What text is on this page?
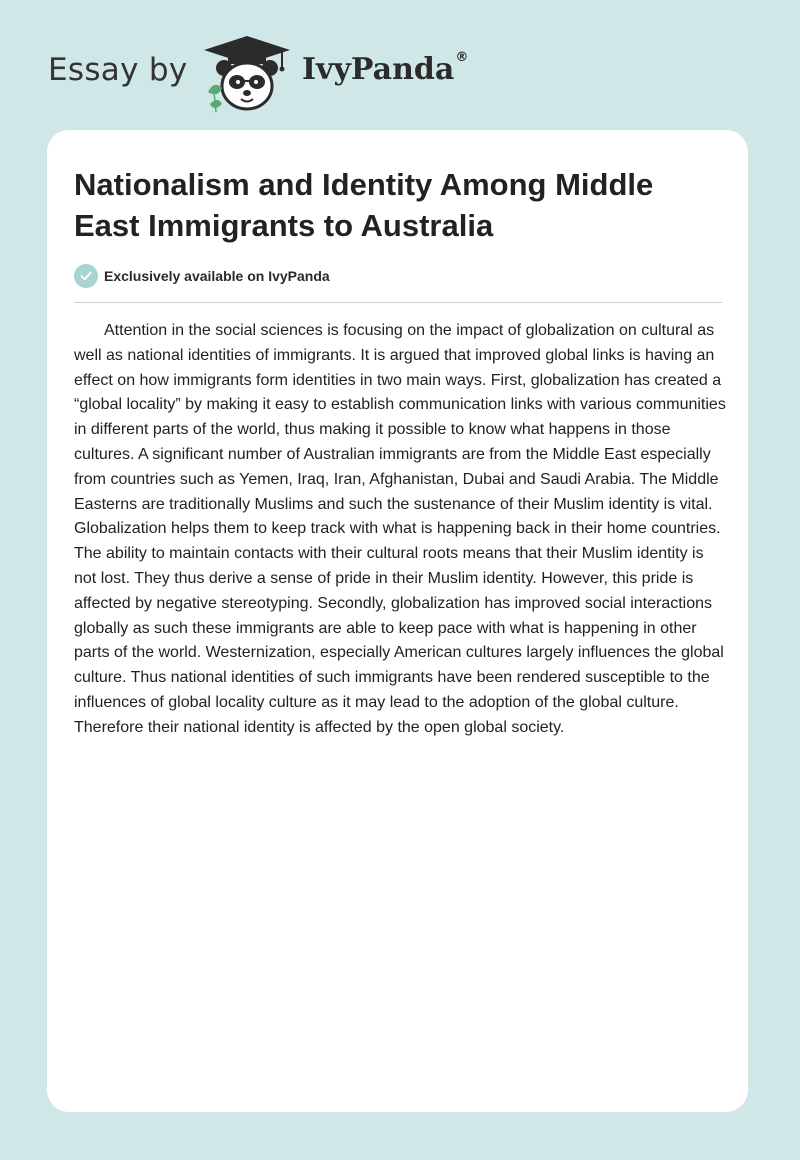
Essay by	IvyPanda®
Nationalism and Identity Among Middle East Immigrants to Australia
Exclusively available on IvyPanda

Attention in the social sciences is focusing on the impact of globalization on cultural as well as national identities of immigrants. It is argued that improved global links is having an effect on how immigrants form identities in two main ways. First, globalization has created a “global locality” by making it easy to establish communication links with various communities in different parts of the world, thus making it possible to know what happens in those cultures. A significant number of Australian immigrants are from the Middle East especially from countries such as Yemen, Iraq, Iran, Afghanistan, Dubai and Saudi Arabia. The Middle Easterns are traditionally Muslims and such the sustenance of their Muslim identity is vital. Globalization helps them to keep track with what is happening back in their home countries. The ability to maintain contacts with their cultural roots means that their Muslim identity is not lost. They thus derive a sense of pride in their Muslim identity. However, this pride is affected by negative stereotyping. Secondly, globalization has improved social interactions globally as such these immigrants are able to keep pace with what is happening in other parts of the world. Westernization, especially American cultures largely influences the global culture. Thus national identities of such immigrants have been rendered susceptible to the influences of global locality culture as it may lead to the adoption of the global culture. Therefore their national identity is affected by the open global society.
